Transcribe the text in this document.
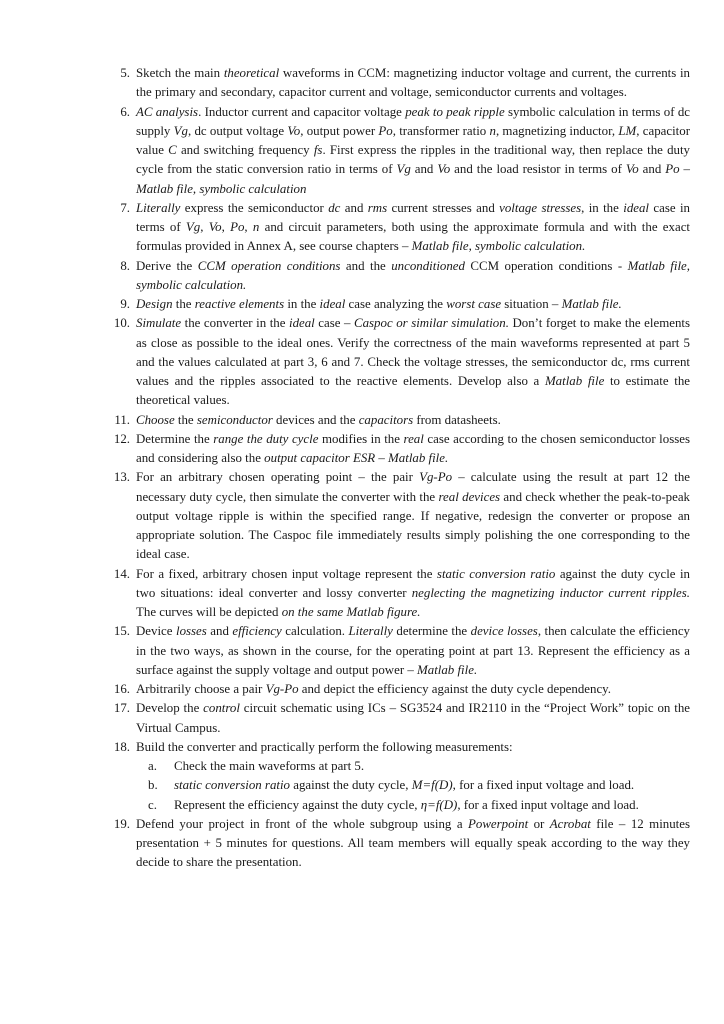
5. Sketch the main theoretical waveforms in CCM: magnetizing inductor voltage and current, the currents in the primary and secondary, capacitor current and voltage, semiconductor currents and voltages.
6. AC analysis. Inductor current and capacitor voltage peak to peak ripple symbolic calculation in terms of dc supply Vg, dc output voltage Vo, output power Po, transformer ratio n, magnetizing inductor, LM, capacitor value C and switching frequency fs. First express the ripples in the traditional way, then replace the duty cycle from the static conversion ratio in terms of Vg and Vo and the load resistor in terms of Vo and Po – Matlab file, symbolic calculation
7. Literally express the semiconductor dc and rms current stresses and voltage stresses, in the ideal case in terms of Vg, Vo, Po, n and circuit parameters, both using the approximate formula and with the exact formulas provided in Annex A, see course chapters – Matlab file, symbolic calculation.
8. Derive the CCM operation conditions and the unconditioned CCM operation conditions - Matlab file, symbolic calculation.
9. Design the reactive elements in the ideal case analyzing the worst case situation – Matlab file.
10. Simulate the converter in the ideal case – Caspoc or similar simulation. Don’t forget to make the elements as close as possible to the ideal ones. Verify the correctness of the main waveforms represented at part 5 and the values calculated at part 3, 6 and 7. Check the voltage stresses, the semiconductor dc, rms current values and the ripples associated to the reactive elements. Develop also a Matlab file to estimate the theoretical values.
11. Choose the semiconductor devices and the capacitors from datasheets.
12. Determine the range the duty cycle modifies in the real case according to the chosen semiconductor losses and considering also the output capacitor ESR – Matlab file.
13. For an arbitrary chosen operating point – the pair Vg-Po – calculate using the result at part 12 the necessary duty cycle, then simulate the converter with the real devices and check whether the peak-to-peak output voltage ripple is within the specified range. If negative, redesign the converter or propose an appropriate solution. The Caspoc file immediately results simply polishing the one corresponding to the ideal case.
14. For a fixed, arbitrary chosen input voltage represent the static conversion ratio against the duty cycle in two situations: ideal converter and lossy converter neglecting the magnetizing inductor current ripples. The curves will be depicted on the same Matlab figure.
15. Device losses and efficiency calculation. Literally determine the device losses, then calculate the efficiency in the two ways, as shown in the course, for the operating point at part 13. Represent the efficiency as a surface against the supply voltage and output power – Matlab file.
16. Arbitrarily choose a pair Vg-Po and depict the efficiency against the duty cycle dependency.
17. Develop the control circuit schematic using ICs – SG3524 and IR2110 in the “Project Work” topic on the Virtual Campus.
18. Build the converter and practically perform the following measurements:
a. Check the main waveforms at part 5.
b. static conversion ratio against the duty cycle, M=f(D), for a fixed input voltage and load.
c. Represent the efficiency against the duty cycle, η=f(D), for a fixed input voltage and load.
19. Defend your project in front of the whole subgroup using a Powerpoint or Acrobat file – 12 minutes presentation + 5 minutes for questions. All team members will equally speak according to the way they decide to share the presentation.
